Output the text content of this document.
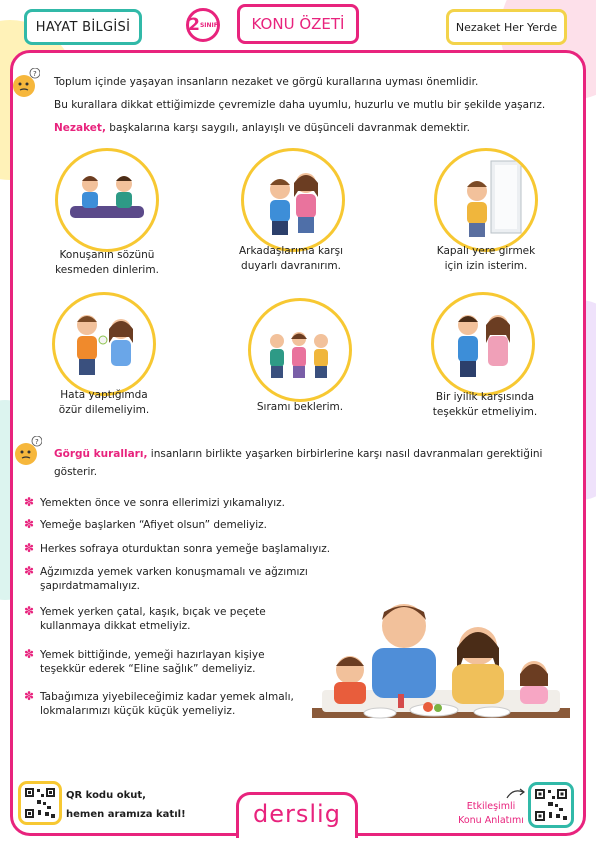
HAYAT BİLGİSİ	2 SINIF KONU ÖZETİ	Nezaket Her Yerde
?
Toplum içinde yaşayan insanların nezaket ve görgü kurallarına uyması önemlidir.
Bu kurallara dikkat ettiğimizde çevremizle daha uyumlu, huzurlu ve mutlu bir şekilde yaşarız.
Nezaket, başkalarına karşı saygılı, anlayışlı ve düşünceli davranmak demektir.
Konuşanın sözünü
kesmeden dinlerim.
Arkadaşlarıma karşı
duyarlı davranırım.
Kapalı yere girmek
için izin isterim.
Hata yaptığımda
özür dilemeliyim.	Sıramı beklerim.
Bir iyilik karşısında
teşekkür etmeliyim.
?
Görgü kuralları, insanların birlikte yaşarken birbirlerine karşı nasıl davranmaları gerektiğini
gösterir.
✽ Yemekten önce ve sonra ellerimizi yıkamalıyız.
✽ Yemeğe başlarken “Afiyet olsun” demeliyiz.
✽ Herkes sofraya oturduktan sonra yemeğe başlamalıyız.
✽ Ağzımızda yemek varken konuşmamalı ve ağzımızı
şapırdatmamalıyız.
✽ Yemek yerken çatal, kaşık, bıçak ve peçete
kullanmaya dikkat etmeliyiz.
✽ Yemek bittiğinde, yemeği hazırlayan kişiye
teşekkür ederek “Eline sağlık” demeliyiz.
✽ Tabağımıza yiyebileceğimiz kadar yemek almalı,
lokmalarımızı küçük küçük yemeliyiz.
QR kodu okut,
hemen aramıza katıl!	derslig	Etkileşimli
Konu Anlatımı
